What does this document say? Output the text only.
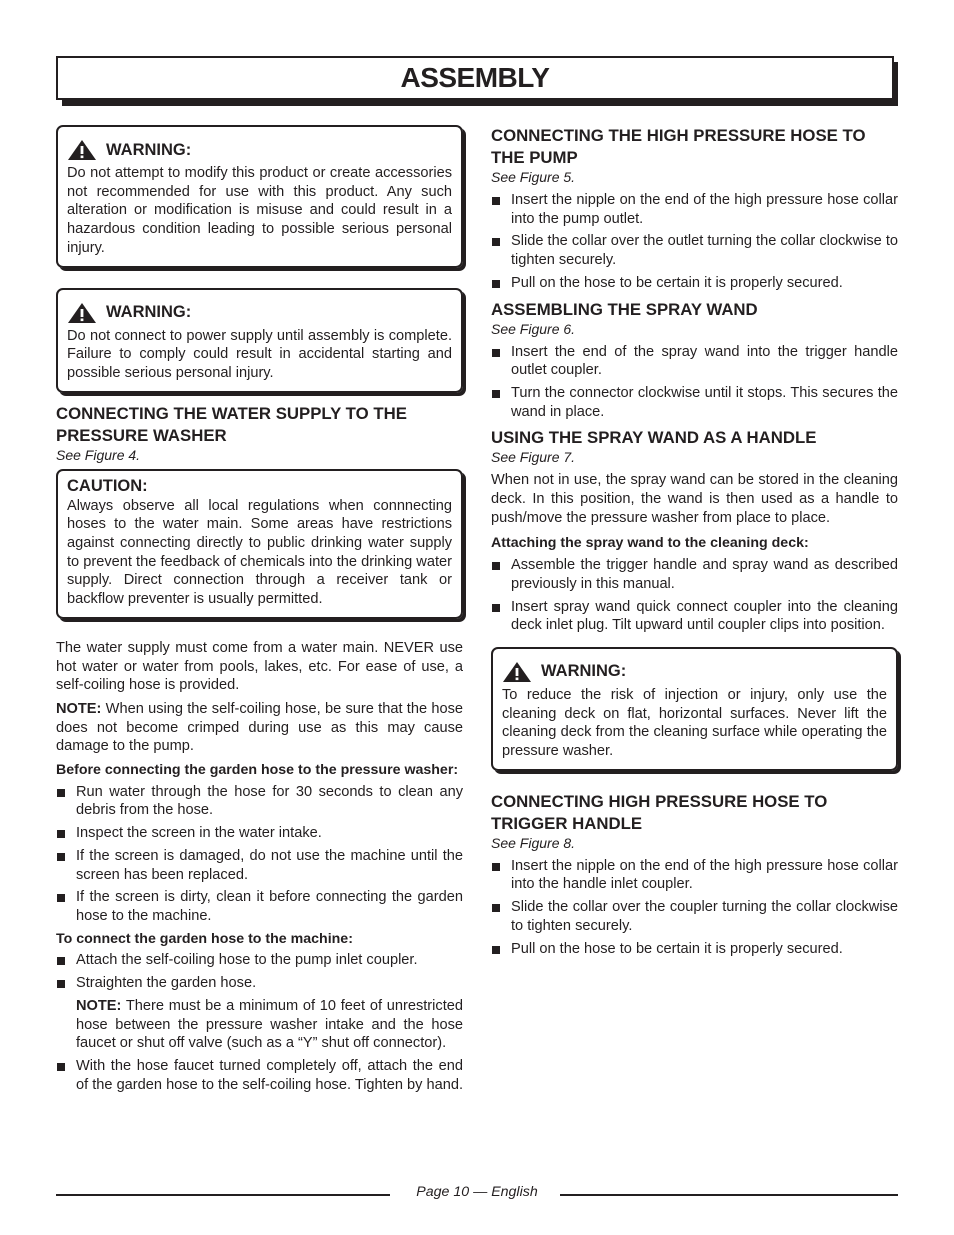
ASSEMBLY
WARNING:
Do not attempt to modify this product or create accessories not recommended for use with this product. Any such alteration or modification is misuse and could result in a hazardous condition leading to possible serious personal injury.
WARNING:
Do not connect to power supply until assembly is complete. Failure to comply could result in accidental starting and possible serious personal injury.
CONNECTING THE WATER SUPPLY TO THE PRESSURE WASHER
See Figure 4.
CAUTION:
Always observe all local regulations when connnecting hoses to the water main. Some areas have restrictions against connecting directly to public drinking water supply to prevent the feedback of chemicals into the drinking water supply. Direct connection through a receiver tank or backflow preventer is usually permitted.

The water supply must come from a water main. NEVER use hot water or water from pools, lakes, etc. For ease of use, a self-coiling hose is provided.

NOTE: When using the self-coiling hose, be sure that the hose does not become crimped during use as this may cause damage to the pump.

Before connecting the garden hose to the pressure washer:
Run water through the hose for 30 seconds to clean any debris from the hose.
Inspect the screen in the water intake.
If the screen is damaged, do not use the machine until the screen has been replaced.
If the screen is dirty, clean it before connecting the garden hose to the machine.
To connect the garden hose to the machine:
Attach the self-coiling hose to the pump inlet coupler.
Straighten the garden hose.
NOTE: There must be a minimum of 10 feet of unrestricted hose between the pressure washer intake and the hose faucet or shut off valve (such as a “Y” shut off connector).
With the hose faucet turned completely off, attach the end of the garden hose to the self-coiling hose. Tighten by hand.
CONNECTING THE HIGH PRESSURE HOSE TO THE PUMP
See Figure 5.
Insert the nipple on the end of the high pressure hose collar into the pump outlet.
Slide the collar over the outlet turning the collar clockwise to tighten securely.
Pull on the hose to be certain it is properly secured.
ASSEMBLING THE SPRAY WAND
See Figure 6.
Insert the end of the spray wand into the trigger handle outlet coupler.
Turn the connector clockwise until it stops. This secures the wand in place.
USING THE SPRAY WAND AS A HANDLE
See Figure 7.

When not in use, the spray wand can be stored in the cleaning deck. In this position, the wand is then used as a handle to push/move the pressure washer from place to place.

Attaching the spray wand to the cleaning deck:
Assemble the trigger handle and spray wand as described previously in this manual.
Insert spray wand quick connect coupler into the cleaning deck inlet plug. Tilt upward until coupler clips into position.
WARNING:
To reduce the risk of injection or injury, only use the cleaning deck on flat, horizontal surfaces. Never lift the cleaning deck from the cleaning surface while operating the pressure washer.
CONNECTING HIGH PRESSURE HOSE TO TRIGGER HANDLE
See Figure 8.
Insert the nipple on the end of the high pressure hose collar into the handle inlet coupler.
Slide the collar over the coupler turning the collar clockwise to tighten securely.
Pull on the hose to be certain it is properly secured.
Page 10 — English
